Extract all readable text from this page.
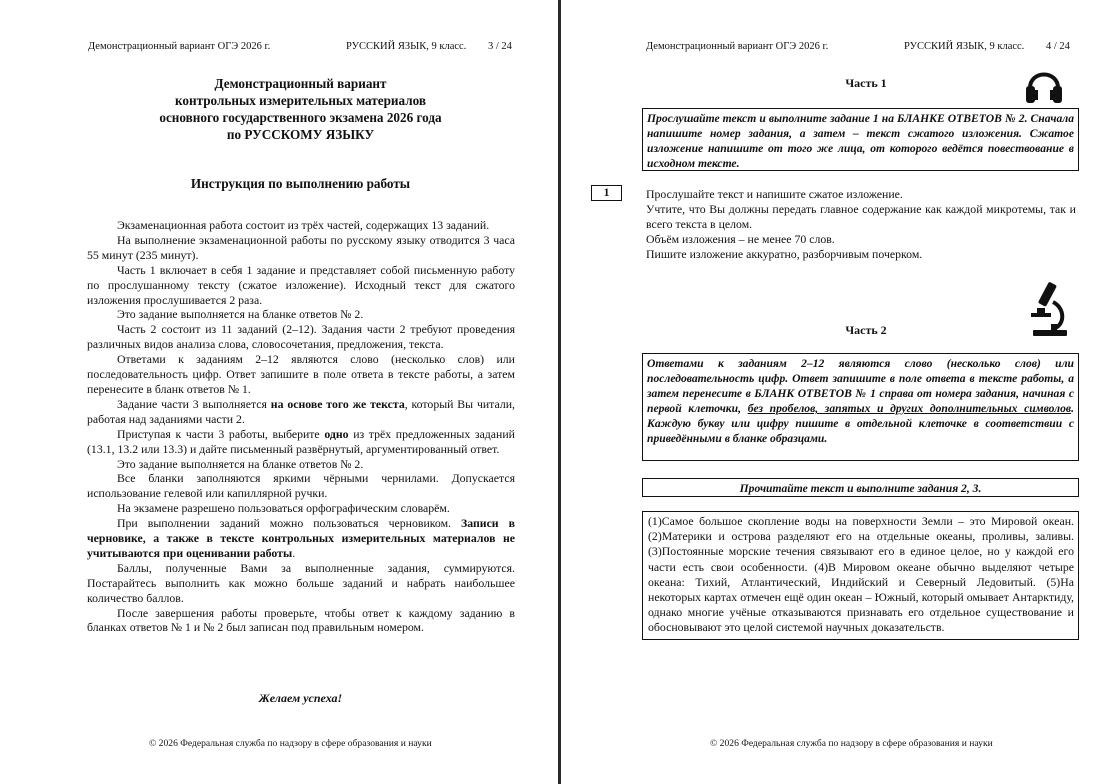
Демонстрационный вариант ОГЭ 2026 г.	РУССКИЙ ЯЗЫК, 9 класс. 3 / 24
Демонстрационный вариант
контрольных измерительных материалов
основного государственного экзамена 2026 года
по РУССКОМУ ЯЗЫКУ
Инструкция по выполнению работы

Экзаменационная работа состоит из трёх частей, содержащих 13 заданий.

На выполнение экзаменационной работы по русскому языку отводится 3 часа 55 минут (235 минут).

Часть 1 включает в себя 1 задание и представляет собой письменную работу по прослушанному тексту (сжатое изложение). Исходный текст для сжатого изложения прослушивается 2 раза.

Это задание выполняется на бланке ответов № 2.

Часть 2 состоит из 11 заданий (2–12). Задания части 2 требуют проведения различных видов анализа слова, словосочетания, предложения, текста.

Ответами к заданиям 2–12 являются слово (несколько слов) или последовательность цифр. Ответ запишите в поле ответа в тексте работы, а затем перенесите в бланк ответов № 1.

Задание части 3 выполняется на основе того же текста, который Вы читали, работая над заданиями части 2.

Приступая к части 3 работы, выберите одно из трёх предложенных заданий (13.1, 13.2 или 13.3) и дайте письменный развёрнутый, аргументированный ответ.

Это задание выполняется на бланке ответов № 2.

Все бланки заполняются яркими чёрными чернилами. Допускается использование гелевой или капиллярной ручки.

На экзамене разрешено пользоваться орфографическим словарём.

При выполнении заданий можно пользоваться черновиком. Записи в черновике, а также в тексте контрольных измерительных материалов не учитываются при оценивании работы.

Баллы, полученные Вами за выполненные задания, суммируются. Постарайтесь выполнить как можно больше заданий и набрать наибольшее количество баллов.

После завершения работы проверьте, чтобы ответ к каждому заданию в бланках ответов № 1 и № 2 был записан под правильным номером.

Желаем успеха!
© 2026 Федеральная служба по надзору в сфере образования и науки
Демонстрационный вариант ОГЭ 2026 г.	РУССКИЙ ЯЗЫК, 9 класс. 4 / 24
Часть 1
Прослушайте текст и выполните задание 1 на БЛАНКЕ ОТВЕТОВ № 2. Сначала напишите номер задания, а затем – текст сжатого изложения. Сжатое изложение напишите от того же лица, от которого ведётся повествование в исходном тексте.
1	Прослушайте текст и напишите сжатое изложение.
Учтите, что Вы должны передать главное содержание как каждой микротемы, так и всего текста в целом.
Объём изложения – не менее 70 слов.
Пишите изложение аккуратно, разборчивым почерком.
Часть 2
Ответами к заданиям 2–12 являются слово (несколько слов) или последовательность цифр. Ответ запишите в поле ответа в тексте работы, а затем перенесите в БЛАНК ОТВЕТОВ № 1 справа от номера задания, начиная с первой клеточки, без пробелов, запятых и других дополнительных символов. Каждую букву или цифру пишите в отдельной клеточке в соответствии с приведёнными в бланке образцами.
Прочитайте текст и выполните задания 2, 3.
(1)Самое большое скопление воды на поверхности Земли – это Мировой океан. (2)Материки и острова разделяют его на отдельные океаны, проливы, заливы. (3)Постоянные морские течения связывают его в единое целое, но у каждой его части есть свои особенности. (4)В Мировом океане обычно выделяют четыре океана: Тихий, Атлантический, Индийский и Северный Ледовитый. (5)На некоторых картах отмечен ещё один океан – Южный, который омывает Антарктиду, однако многие учёные отказываются признавать его отдельное существование и обосновывают это целой системой научных доказательств.
© 2026 Федеральная служба по надзору в сфере образования и науки
